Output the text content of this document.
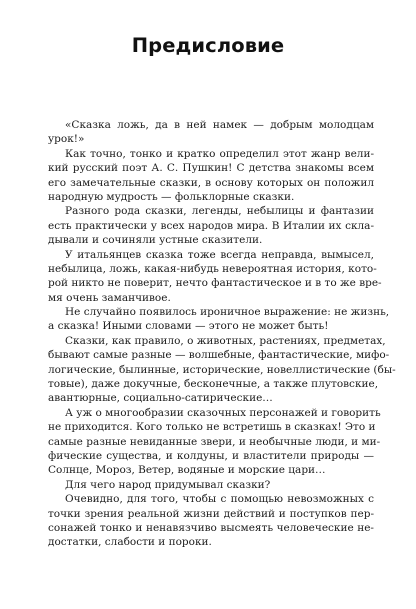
Предисловие
«Сказка ложь, да в ней намек — добрым молодцам
урок!»
Как точно, тонко и кратко определил этот жанр вели-
кий русский поэт А. С. Пушкин! С детства знакомы всем
его замечательные сказки, в основу которых он положил
народную мудрость — фольклорные сказки.
Разного рода сказки, легенды, небылицы и фантазии
есть практически у всех народов мира. В Италии их скла-
дывали и сочиняли устные сказители.
У итальянцев сказка тоже всегда неправда, вымысел,
небылица, ложь, какая-нибудь невероятная история, кото-
рой никто не поверит, нечто фантастическое и в то же вре-
мя очень заманчивое.
Не случайно появилось ироничное выражение: не жизнь,
а сказка! Иными словами — этого не может быть!
Сказки, как правило, о животных, растениях, предметах,
бывают самые разные — волшебные, фантастические, мифо-
логические, былинные, исторические, новеллистические (бы-
товые), даже докучные, бесконечные, а также плутовские,
авантюрные, социально-сатирические…
А уж о многообразии сказочных персонажей и говорить
не приходится. Кого только не встретишь в сказках! Это и
самые разные невиданные звери, и необычные люди, и ми-
фические существа, и колдуны, и властители природы —
Солнце, Мороз, Ветер, водяные и морские цари…
Для чего народ придумывал сказки?
Очевидно, для того, чтобы с помощью невозможных с
точки зрения реальной жизни действий и поступков пер-
сонажей тонко и ненавязчиво высмеять человеческие не-
достатки, слабости и пороки.
